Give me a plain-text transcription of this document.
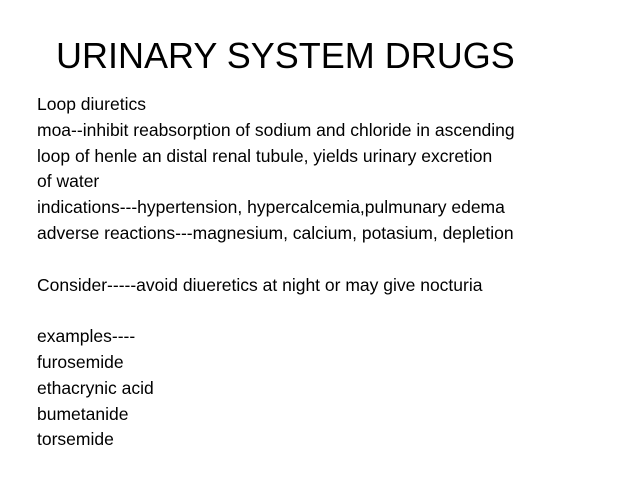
URINARY SYSTEM DRUGS
Loop diuretics
moa--inhibit reabsorption of sodium and chloride in ascending
loop of henle an distal renal tubule, yields urinary excretion
of water
indications---hypertension, hypercalcemia,pulmunary edema
adverse reactions---magnesium, calcium, potasium, depletion
Consider-----avoid diueretics at night or may give nocturia
examples----
furosemide
ethacrynic acid
bumetanide
torsemide
